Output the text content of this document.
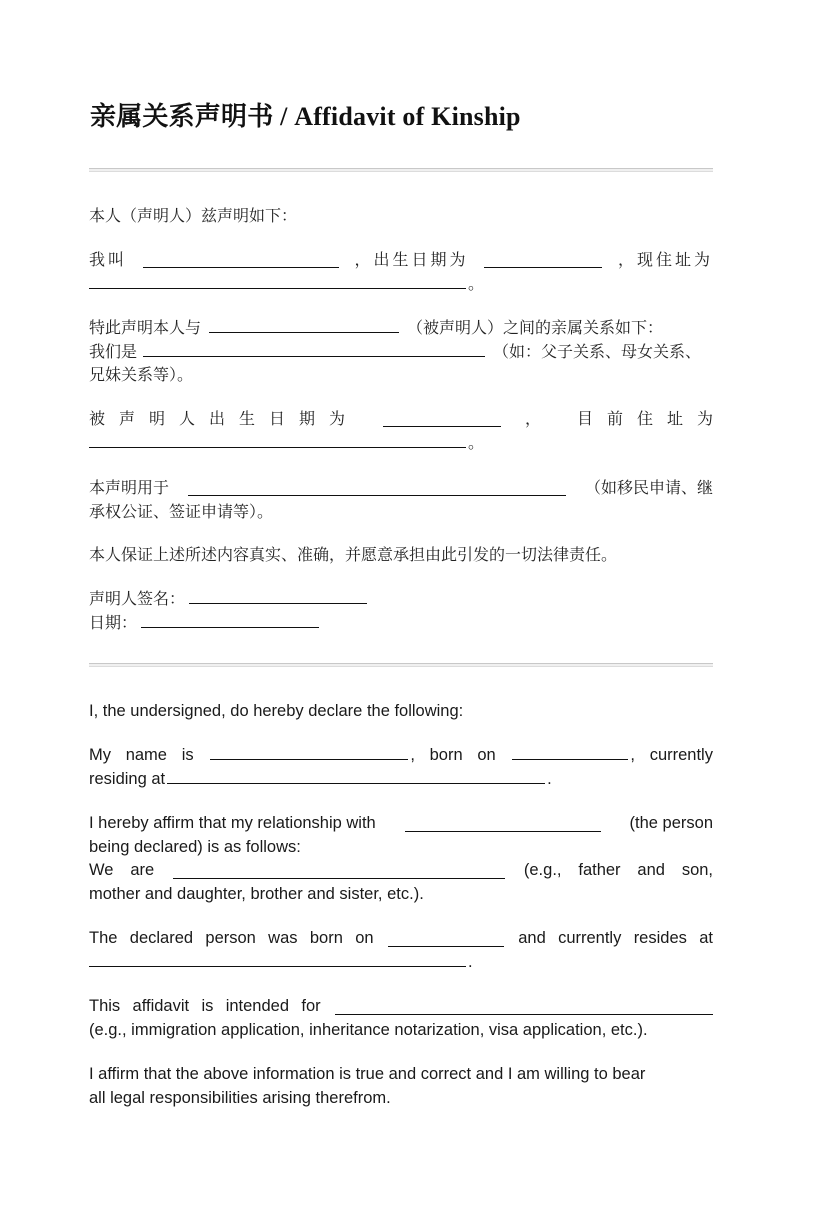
亲属关系声明书 / Affidavit of Kinship
本人（声明人）兹声明如下：
我叫	，出生日期为	，现住址为
。
特此声明本人与	（被声明人）之间的亲属关系如下：
我们是	（如：父子关系、母女关系、
兄妹关系等）。
被声明人出生日期为	， 目前住址为
。
本声明用于	（如移民申请、继
承权公证、签证申请等）。
本人保证上述所述内容真实、准确，并愿意承担由此引发的一切法律责任。
声明人签名：
日期：
I, the undersigned, do hereby declare the following:
My name is	, born on	, currently
residing at	.
I hereby affirm that my relationship with	(the person
being declared) is as follows:
We are	(e.g., father and son,
mother and daughter, brother and sister, etc.).
The declared person was born on	and currently resides at
.
This affidavit is intended for
(e.g., immigration application, inheritance notarization, visa application, etc.).
I affirm that the above information is true and correct and I am willing to bear
all legal responsibilities arising therefrom.
